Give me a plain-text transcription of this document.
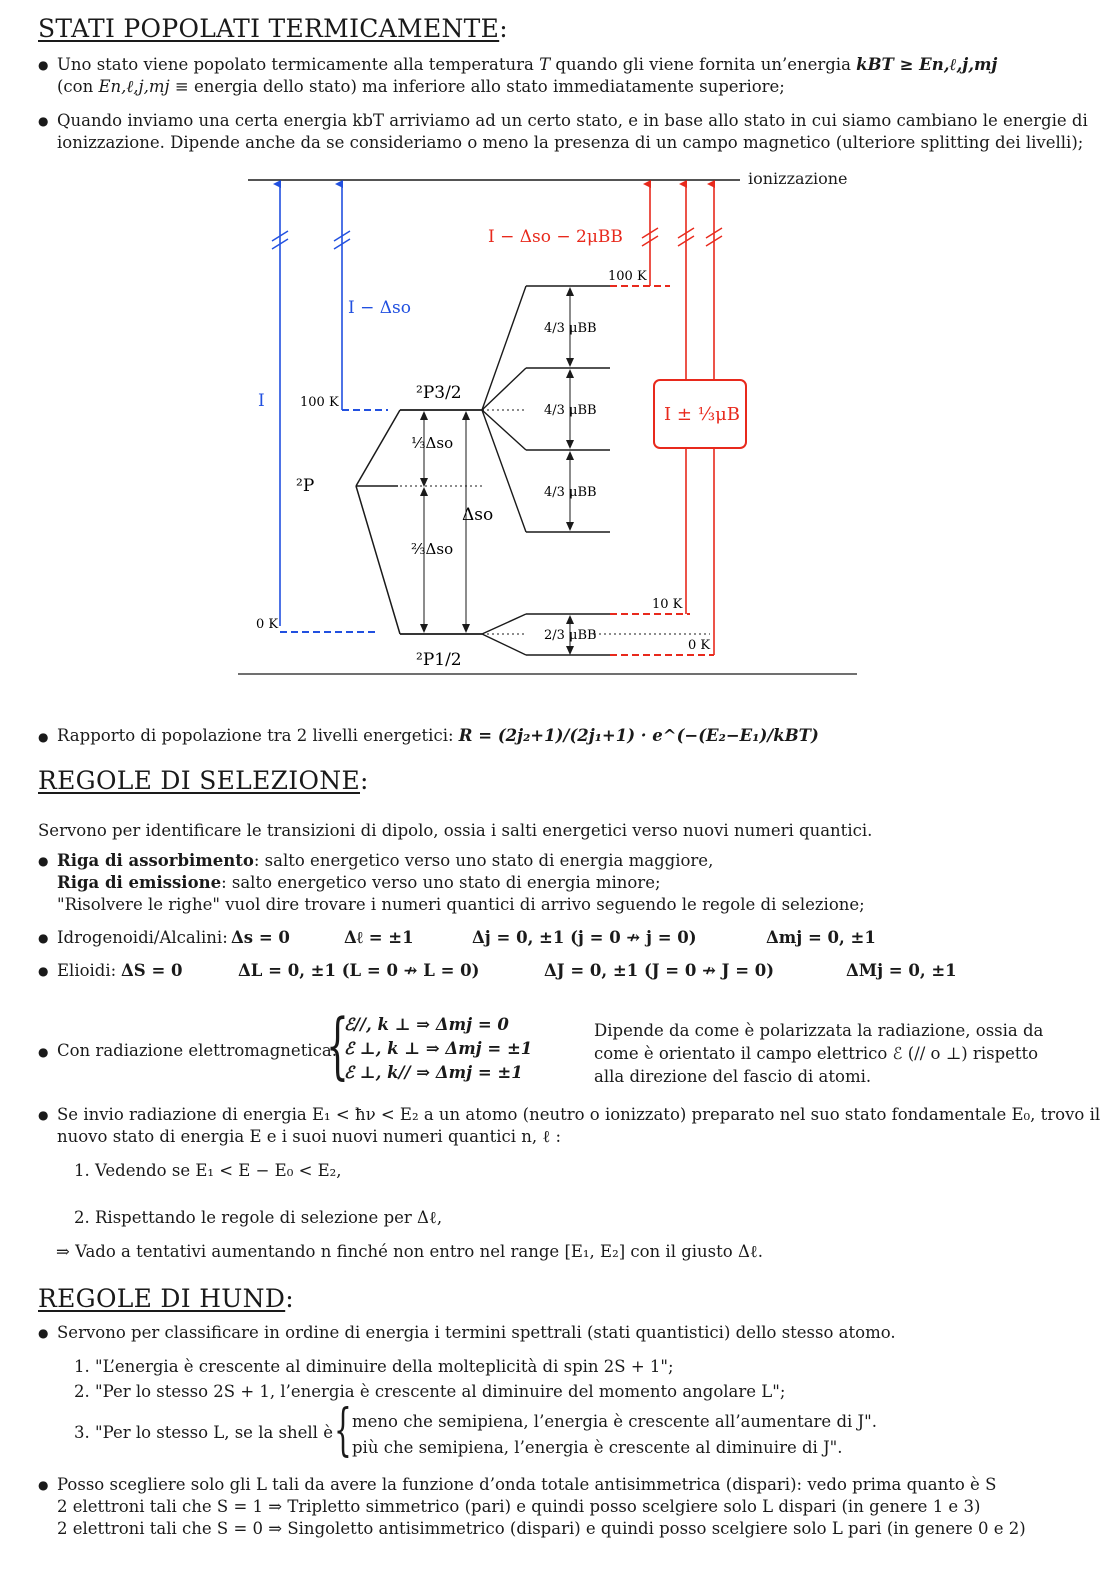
STATI POPOLATI TERMICAMENTE:
● Uno stato viene popolato termicamente alla temperatura T quando gli viene fornita un’energia kBT ≥ En,ℓ,j,mj
(con En,ℓ,j,mj ≡ energia dello stato) ma inferiore allo stato immediatamente superiore;
● Quando inviamo una certa energia kbT arriviamo ad un certo stato, e in base allo stato in cui siamo cambiano le energie di
ionizzazione. Dipende anche da se consideriamo o meno la presenza di un campo magnetico (ulteriore splitting dei livelli);
ionizzazione
I
I − Δso
100 K
0 K
²P
²P3/2
²P1/2
⅓Δso
⅔Δso
Δso
4/3 μBB
4/3 μBB
4/3 μBB
2/3 μBB
100 K
10 K
0 K
I − Δso − 2μBB
I ± ⅓μB
● Rapporto di popolazione tra 2 livelli energetici: R = (2j₂+1)/(2j₁+1) · e^(−(E₂−E₁)/kBT)
REGOLE DI SELEZIONE:
Servono per identificare le transizioni di dipolo, ossia i salti energetici verso nuovi numeri quantici.
● Riga di assorbimento: salto energetico verso uno stato di energia maggiore,
Riga di emissione: salto energetico verso uno stato di energia minore;
"Risolvere le righe" vuol dire trovare i numeri quantici di arrivo seguendo le regole di selezione;
● Idrogenoidi/Alcalini: Δs = 0	Δℓ = ±1	Δj = 0, ±1 (j = 0 ↛ j = 0)	Δmj = 0, ±1
● Elioidi: ΔS = 0	ΔL = 0, ±1 (L = 0 ↛ L = 0)	ΔJ = 0, ±1 (J = 0 ↛ J = 0)	ΔMj = 0, ±1
● Con radiazione elettromagnetica:
{
ℰ//, k ⊥ ⇒ Δmj = 0
ℰ ⊥, k ⊥ ⇒ Δmj = ±1
ℰ ⊥, k// ⇒ Δmj = ±1
Dipende da come è polarizzata la radiazione, ossia da
come è orientato il campo elettrico ℰ (// o ⊥) rispetto
alla direzione del fascio di atomi.
● Se invio radiazione di energia E₁ < ħν < E₂ a un atomo (neutro o ionizzato) preparato nel suo stato fondamentale E₀, trovo il
nuovo stato di energia E e i suoi nuovi numeri quantici n, ℓ :
1. Vedendo se E₁ < E − E₀ < E₂,
2. Rispettando le regole di selezione per Δℓ,
⇒ Vado a tentativi aumentando n finché non entro nel range [E₁, E₂] con il giusto Δℓ.
REGOLE DI HUND:
● Servono per classificare in ordine di energia i termini spettrali (stati quantistici) dello stesso atomo.
1. "L’energia è crescente al diminuire della molteplicità di spin 2S + 1";
2. "Per lo stesso 2S + 1, l’energia è crescente al diminuire del momento angolare L";
3. "Per lo stesso L, se la shell è { meno che semipiena, l’energia è crescente all’aumentare di J".
più che semipiena, l’energia è crescente al diminuire di J".
● Posso scegliere solo gli L tali da avere la funzione d’onda totale antisimmetrica (dispari): vedo prima quanto è S
2 elettroni tali che S = 1 ⇒ Tripletto simmetrico (pari) e quindi posso scelgiere solo L dispari (in genere 1 e 3)
2 elettroni tali che S = 0 ⇒ Singoletto antisimmetrico (dispari) e quindi posso scelgiere solo L pari (in genere 0 e 2)
